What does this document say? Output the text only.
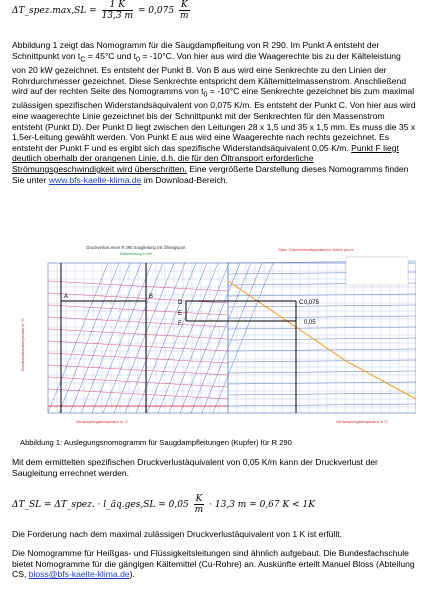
ΔT_spez.max,SL = $\frac{1 K}{13,3 m} = 0,075 \frac{K}{m}$
Abbildung 1 zeigt das Nomogramm für die Saugdampfleitung von R 290. Im Punkt A entsteht der Schnittpunkt von $t_C = 45^\circ C$ und $t_0 = -10^\circ C$. Von hier aus wird die Waagerechte bis zu der Kälteleistung von 20 kW gezeichnet. Es entsteht der Punkt B. Von B aus wird eine Senkrechte zu den Linien der Rohrdurchmesser gezeichnet. Diese Senkrechte entspricht dem Kältemittelmassenstrom. Anschließend wird auf der rechten Seite des Nomogramms von $t_0 = -10^\circ C$ eine Senkrechte gezeichnet bis zum maximal zulässigen spezifischen Widerstandsäquivalent von 0,075 K/m. Es entsteht der Punkt C. Von hier aus wird eine waagerechte Linie gezeichnet bis der Schnittpunkt mit der Senkrechten für den Massenstrom entsteht (Punkt D). Der Punkt D liegt zwischen den Leitungen 28 x 1,5 und 35 x 1,5 mm. Es muss die 35 x 1,5er-Leitung gewählt werden. Von Punkt E aus wird eine Waagerechte nach rechts gezeichnet. Es entsteht der Punkt F und es ergibt sich das spezifische Widerstandsäquivalent 0,05 K/m. Punkt F liegt deutlich oberhalb der orangenen Linie, d.h. die für den Öltransport erforderliche Strömungsgeschwindigkeit wird überschritten. Eine vergrößerte Darstellung dieses Nomogramms finden Sie unter www.bfs-kaelte-klima.de im Download-Bereich.
A	B
C
D
E
F
0,075
0,05
Druckverlust einer R 290 Saugleitung mit Ölrangsport
Kälteleistung in kW
Spez. Druckverlustäquivalent in Kelvin pro m
Verdampfungstemperatur in °C	Verdampfungstemperatur in °C
Kondensationstemperatur in °C
Abbildung 1: Auslegungsnomogramm für Saugdampfleitungen (Kupfer) für R 290
Mit dem ermittelten spezifischen Druckverlustäquivalent von 0,05 K/m kann der Druckverlust der Saugleitung errechnet werden.
ΔT_SL = ΔT_spez. · l_äq.ges,SL = $0,05 \frac{K}{m} \cdot 13,3$ m = 0,67 K < 1K
Die Forderung nach dem maximal zulässigen Druckverlustäquivalent von 1 K ist erfüllt.
Die Nomogramme für Heißgas- und Flüssigkeitsleitungen sind ähnlich aufgebaut. Die Bundesfachschule bietet Nomogramme für die gängigen Kältemittel (Cu-Rohre) an. Auskünfte erteilt Manuel Bloss (Abteilung CS, bloss@bfs-kaelte-klima.de).
